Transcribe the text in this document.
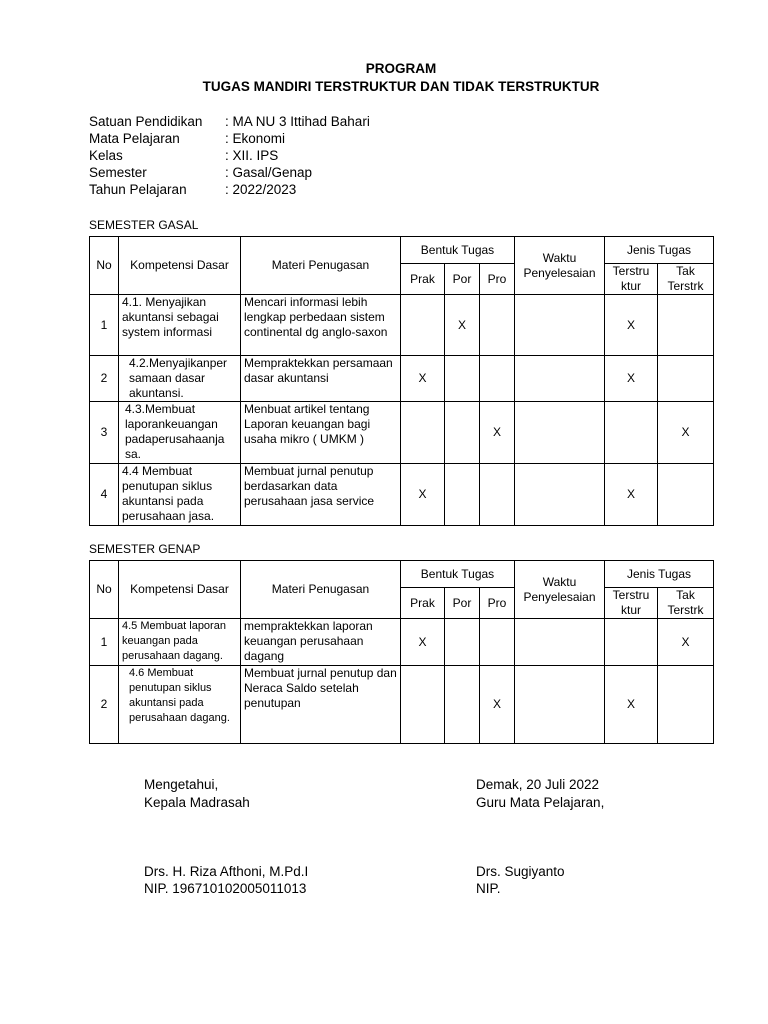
PROGRAM
TUGAS MANDIRI TERSTRUKTUR DAN TIDAK TERSTRUKTUR
Satuan Pendidikan : MA NU 3 Ittihad Bahari
Mata Pelajaran	: Ekonomi
Kelas	: XII. IPS
Semester	: Gasal/Genap
Tahun Pelajaran	: 2022/2023
SEMESTER GASAL
No	Kompetensi Dasar	Materi Penugasan	Bentuk Tugas			Waktu Penyelesaian	Jenis Tugas	
			Prak	Por	Pro		Terstru ktur	Tak Terstrk
1	4.1. Menyajikan akuntansi sebagai system informasi	Mencari informasi lebih lengkap perbedaan sistem continental dg anglo-saxon		X			X	
2	4.2.Menyajikanper samaan dasar akuntansi.	Mempraktekkan persamaan dasar akuntansi	X				X	
3	4.3.Membuat laporankeuangan padaperusahaanja sa.	Menbuat artikel tentang Laporan keuangan bagi usaha mikro ( UMKM )			X			X
4	4.4 Membuat penutupan siklus akuntansi pada perusahaan jasa.	Membuat jurnal penutup berdasarkan data perusahaan jasa service	X				X	
SEMESTER GENAP
No	Kompetensi Dasar	Materi Penugasan	Bentuk Tugas			Waktu Penyelesaian	Jenis Tugas	
			Prak	Por	Pro		Terstru ktur	Tak Terstrk
1	4.5 Membuat laporan keuangan pada perusahaan dagang.	mempraktekkan laporan keuangan perusahaan dagang	X					X
2	4.6 Membuat penutupan siklus akuntansi pada perusahaan dagang.	Membuat jurnal penutup dan Neraca Saldo setelah penutupan			X		X	
Mengetahui,
Kepala Madrasah
Drs. H. Riza Afthoni, M.Pd.I
NIP. 196710102005011013
Demak, 20 Juli 2022
Guru Mata Pelajaran,
Drs. Sugiyanto
NIP.
